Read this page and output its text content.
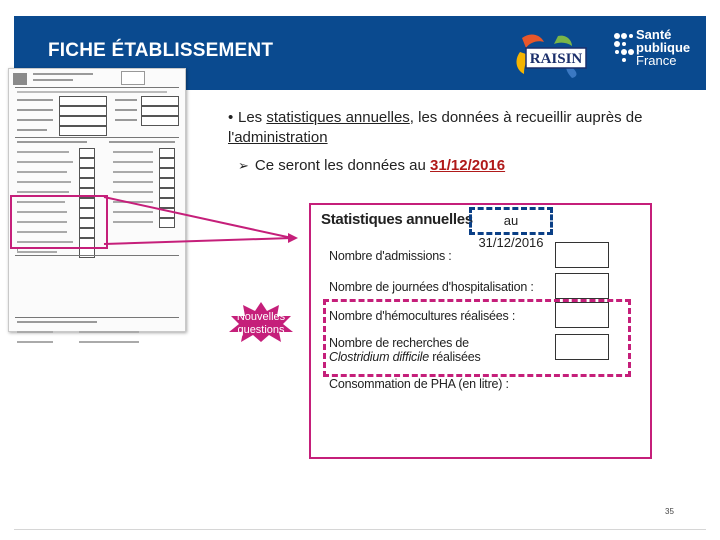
FICHE ÉTABLISSEMENT	RAISIN
Santé
publique
France
• Les statistiques annuelles, les données à recueillir auprès de l'administration
➢ Ce seront les données au 31/12/2016
Statistiques annuelles	au 31/12/2016
Nombre d'admissions :
Nombre de journées d'hospitalisation :
Nombre d'hémocultures réalisées :
Nombre de recherches de
Clostridium difficile réalisées
Consommation de PHA (en litre) :
Nouvelles questions
35
